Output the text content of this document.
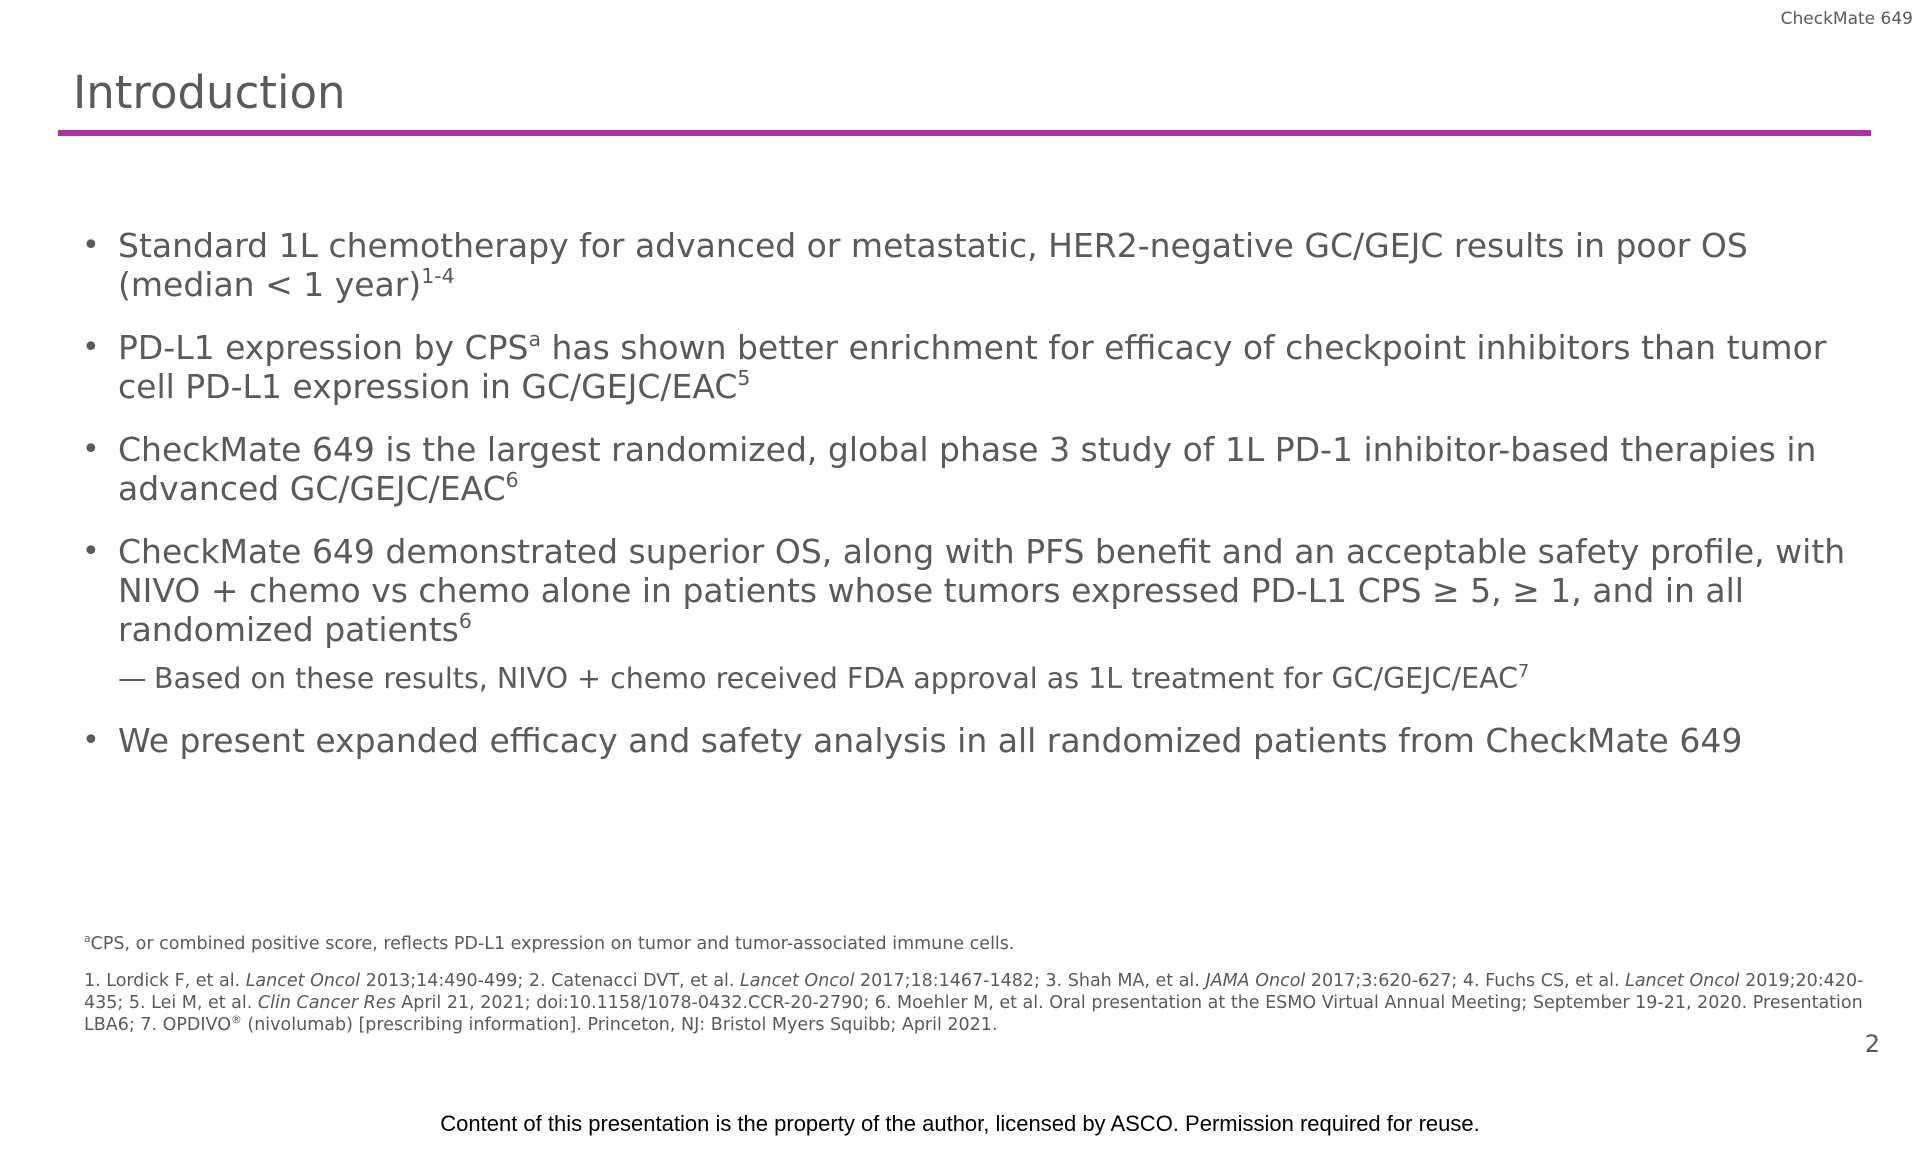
CheckMate 649
Introduction
• Standard 1L chemotherapy for advanced or metastatic, HER2-negative GC/GEJC results in poor OS (median < 1 year)$^{1-4}$
• PD-L1 expression by CPS$^a$ has shown better enrichment for efficacy of checkpoint inhibitors than tumor cell PD-L1 expression in GC/GEJC/EAC$^5$
• CheckMate 649 is the largest randomized, global phase 3 study of 1L PD-1 inhibitor-based therapies in advanced GC/GEJC/EAC$^6$
• CheckMate 649 demonstrated superior OS, along with PFS benefit and an acceptable safety profile, with NIVO + chemo vs chemo alone in patients whose tumors expressed PD-L1 CPS ≥ 5, ≥ 1, and in all randomized patients$^6$
— Based on these results, NIVO + chemo received FDA approval as 1L treatment for GC/GEJC/EAC$^7$
• We present expanded efficacy and safety analysis in all randomized patients from CheckMate 649
$^a$CPS, or combined positive score, reflects PD-L1 expression on tumor and tumor-associated immune cells.
1. Lordick F, et al. Lancet Oncol 2013;14:490-499; 2. Catenacci DVT, et al. Lancet Oncol 2017;18:1467-1482; 3. Shah MA, et al. JAMA Oncol 2017;3:620-627; 4. Fuchs CS, et al. Lancet Oncol 2019;20:420-435; 5. Lei M, et al. Clin Cancer Res April 21, 2021; doi:10.1158/1078-0432.CCR-20-2790; 6. Moehler M, et al. Oral presentation at the ESMO Virtual Annual Meeting; September 19-21, 2020. Presentation LBA6; 7. OPDIVO® (nivolumab) [prescribing information]. Princeton, NJ: Bristol Myers Squibb; April 2021.
2
Content of this presentation is the property of the author, licensed by ASCO. Permission required for reuse.
